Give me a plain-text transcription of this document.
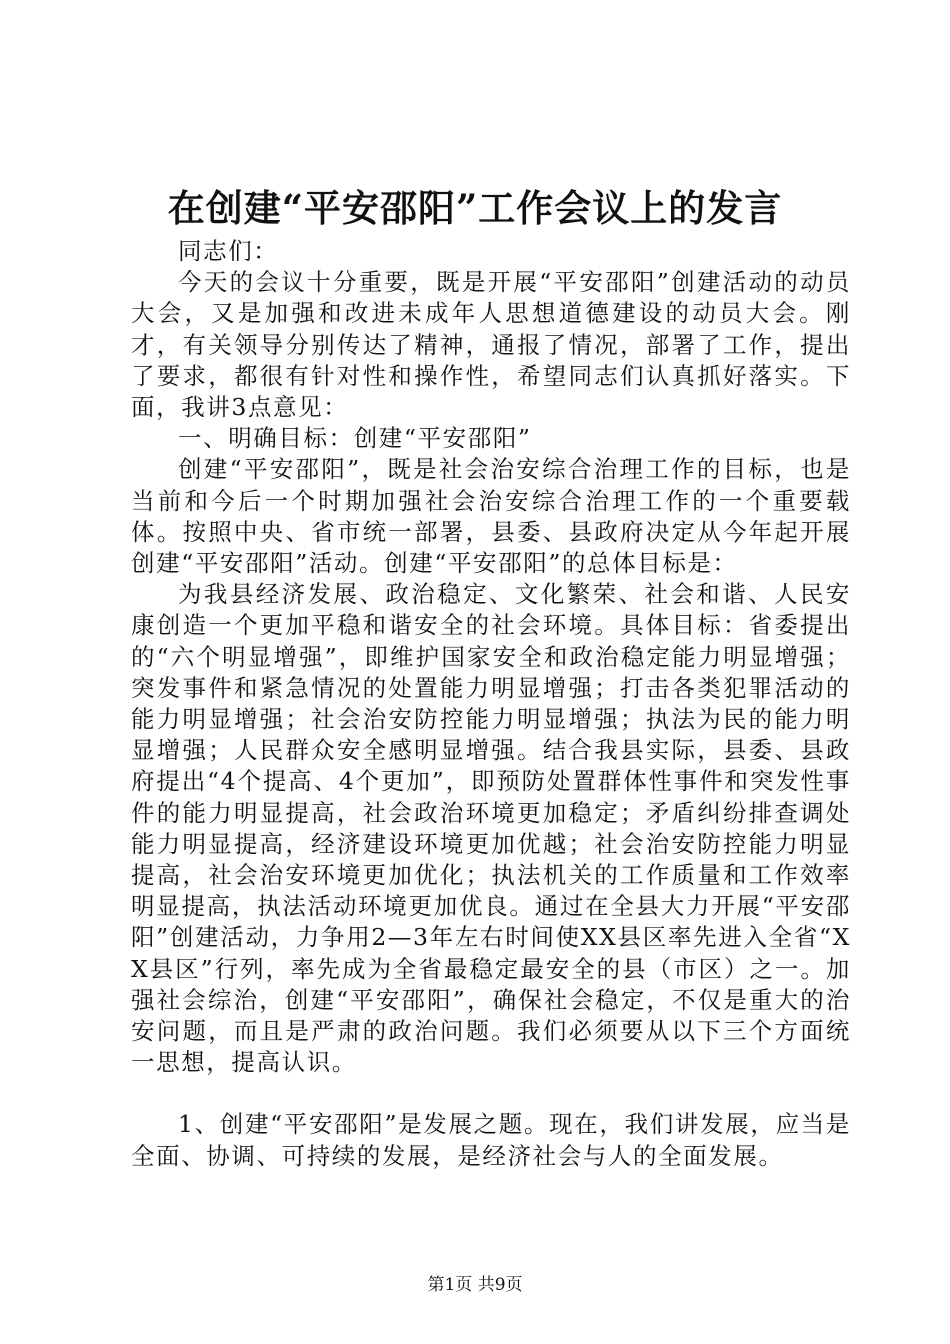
在创建“平安邵阳”工作会议上的发言

同志们：

今天的会议十分重要，既是开展“平安邵阳”创建活动的动员大会，又是加强和改进未成年人思想道德建设的动员大会。刚才，有关领导分别传达了精神，通报了情况，部署了工作，提出了要求，都很有针对性和操作性，希望同志们认真抓好落实。下面，我讲3点意见：

一、明确目标：创建“平安邵阳”

创建“平安邵阳”，既是社会治安综合治理工作的目标，也是当前和今后一个时期加强社会治安综合治理工作的一个重要载体。按照中央、省市统一部署，县委、县政府决定从今年起开展创建“平安邵阳”活动。创建“平安邵阳”的总体目标是：

为我县经济发展、政治稳定、文化繁荣、社会和谐、人民安康创造一个更加平稳和谐安全的社会环境。具体目标：省委提出的“六个明显增强”，即维护国家安全和政治稳定能力明显增强；突发事件和紧急情况的处置能力明显增强；打击各类犯罪活动的能力明显增强；社会治安防控能力明显增强；执法为民的能力明显增强；人民群众安全感明显增强。结合我县实际，县委、县政府提出“4个提高、4个更加”，即预防处置群体性事件和突发性事件的能力明显提高，社会政治环境更加稳定；矛盾纠纷排查调处能力明显提高，经济建设环境更加优越；社会治安防控能力明显提高，社会治安环境更加优化；执法机关的工作质量和工作效率明显提高，执法活动环境更加优良。通过在全县大力开展“平安邵阳”创建活动，力争用2—3年左右时间使XX县区率先进入全省“XX县区”行列，率先成为全省最稳定最安全的县（市区）之一。加强社会综治，创建“平安邵阳”，确保社会稳定，不仅是重大的治安问题，而且是严肃的政治问题。我们必须要从以下三个方面统一思想，提高认识。

1、创建“平安邵阳”是发展之题。现在，我们讲发展，应当是全面、协调、可持续的发展，是经济社会与人的全面发展。

第1页 共9页
